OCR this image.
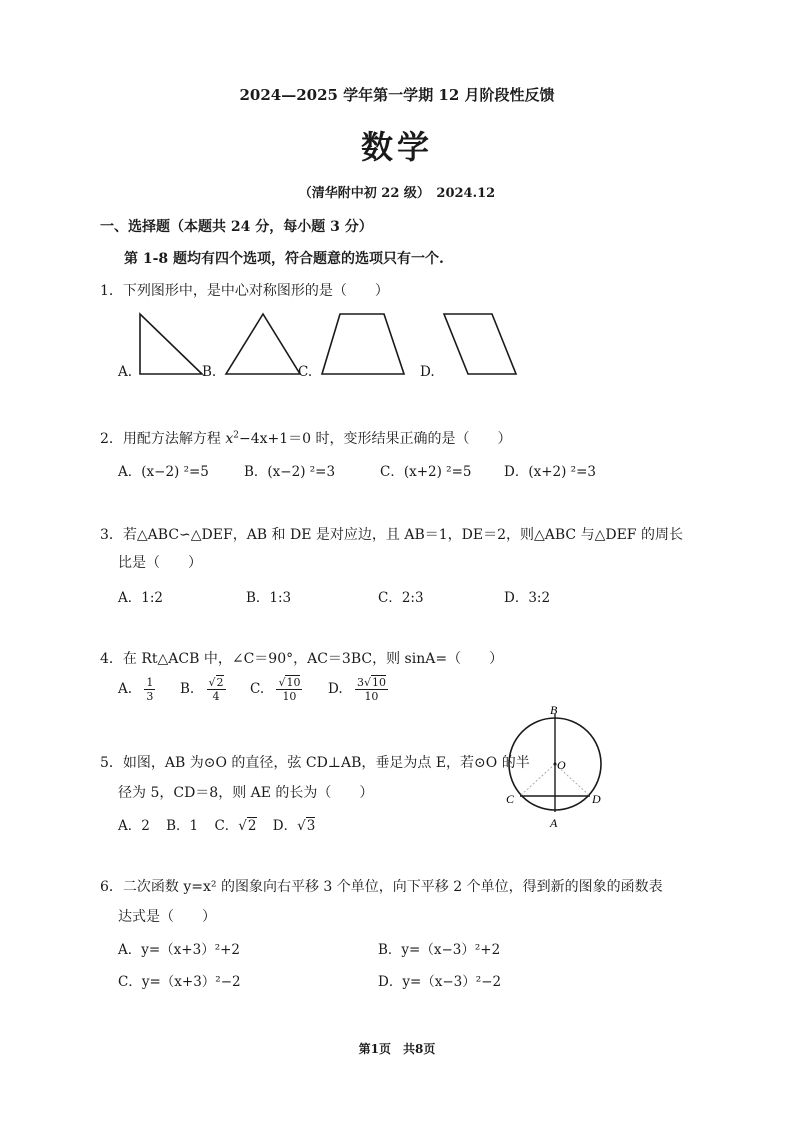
2024—2025 学年第一学期 12 月阶段性反馈
数学
（清华附中初 22 级）　2024.12
一、选择题（本题共 24 分，每小题 3 分）
第 1-8 题均有四个选项，符合题意的选项只有一个.
1．下列图形中，是中心对称图形的是（　　）
A.	B.	C.	D.
2．用配方法解方程 $x^2-4x+1=0$ 时，变形结果正确的是（　　）
A．(x−2) ²=5	B．(x−2) ²=3	C．(x+2) ²=5 D．(x+2) ²=3
3．若△ABC∽△DEF，AB 和 DE 是对应边，且 AB＝1，DE＝2，则△ABC 与△DEF 的周长
比是（　　）
A．1:2	B．1:3	C．2:3	D．3:2
4．在 Rt△ACB 中，∠C＝90°，AC＝3BC，则 sinA=（　　）
A. $\frac{1}{3} B$. $\frac{√2}{4} C$. $\frac{√10}{10} D$. $\frac{3√10}{10}$
5．如图，AB 为⊙O 的直径，弦 CD⊥AB，垂足为点 E，若⊙O 的半
径为 5，CD＝8，则 AE 的长为（　　）
A．2 B．1 C．√2 D．√3
B
O
C	D
A
6．二次函数 y=x² 的图象向右平移 3 个单位，向下平移 2 个单位，得到新的图象的函数表
达式是（　　）
A．y=（x+3）²+2	B．y=（x−3）²+2
C．y=（x+3）²−2	D．y=（x−3）²−2
第1页　共8页
